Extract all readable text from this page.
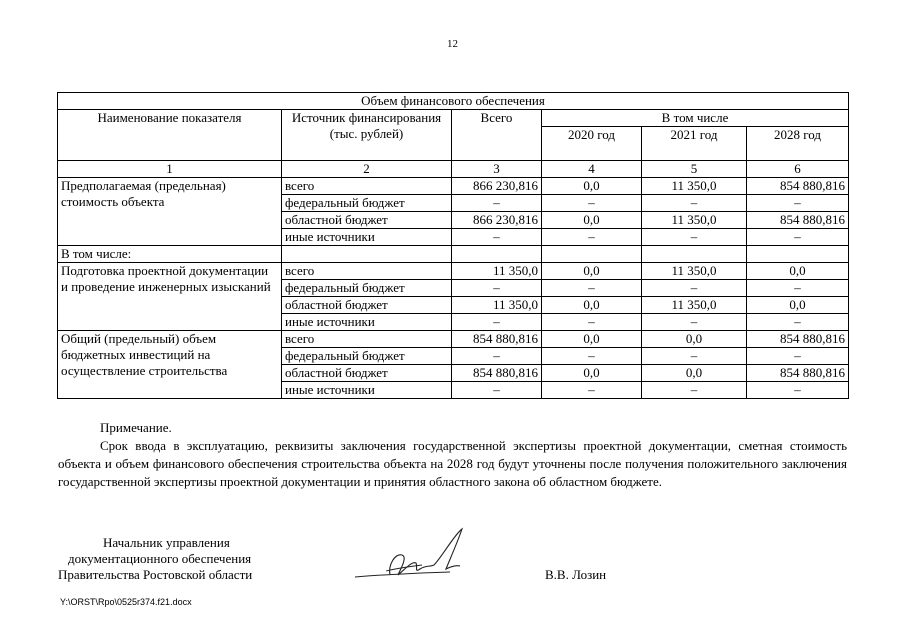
12
Объем финансового обеспечения					
Наименование показателя	Источник финансирования (тыс. рублей)	Всего	В том числе		
			2020 год	2021 год	2028 год
1	2	3	4	5	6
Предполагаемая (предельная) стоимость объекта	всего	866 230,816	0,0	11 350,0	854 880,816
	федеральный бюджет	–	–	–	–
	областной бюджет	866 230,816	0,0	11 350,0	854 880,816
	иные источники	–	–	–	–
В том числе:					
Подготовка проектной документации и проведение инженерных изысканий	всего	11 350,0	0,0	11 350,0	0,0
	федеральный бюджет	–	–	–	–
	областной бюджет	11 350,0	0,0	11 350,0	0,0
	иные источники	–	–	–	–
Общий (предельный) объем бюджетных инвестиций на осуществление строительства	всего	854 880,816	0,0	0,0	854 880,816
	федеральный бюджет	–	–	–	–
	областной бюджет	854 880,816	0,0	0,0	854 880,816
	иные источники	–	–	–	–

Примечание.

Срок ввода в эксплуатацию, реквизиты заключения государственной экспертизы проектной документации, сметная стоимость объекта и объем финансового обеспечения строительства объекта на 2028 год будут уточнены после получения положительного заключения государственной экспертизы проектной документации и принятия областного закона об областном бюджете.

Начальник управления
документационного обеспечения
Правительства Ростовской области	В.В. Лозин
Y:\ORST\Rpo\0525r374.f21.docx
